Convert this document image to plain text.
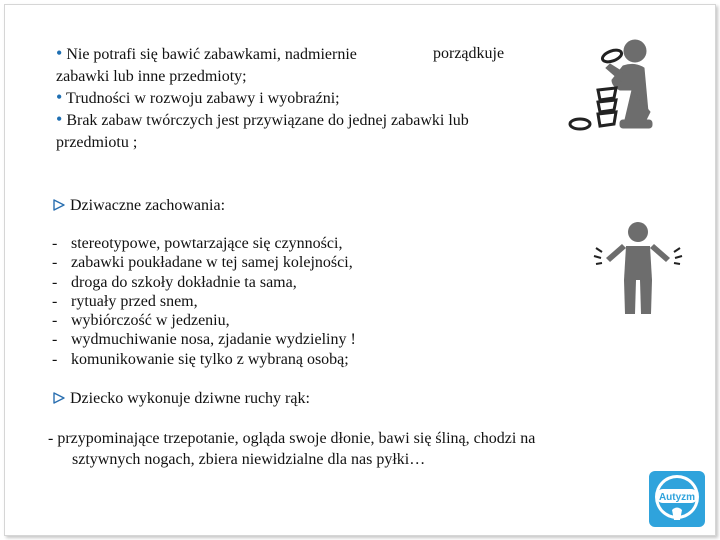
• Nie potrafi się bawić zabawkami, nadmiernie	porządkuje
zabawki lub inne przedmioty;
• Trudności w rozwoju zabawy i wyobraźni;
• Brak zabaw twórczych jest przywiązane do jednej zabawki lub
przedmiotu ;
Dziwaczne zachowania:
- stereotypowe, powtarzające się czynności,
- zabawki poukładane w tej samej kolejności,
- droga do szkoły dokładnie ta sama,
- rytuały przed snem,
- wybiórczość w jedzeniu,
- wydmuchiwanie nosa, zjadanie wydzieliny !
- komunikowanie się tylko z wybraną osobą;
Dziecko wykonuje dziwne ruchy rąk:
- przypominające trzepotanie, ogląda swoje dłonie, bawi się śliną, chodzi na
sztywnych nogach, zbiera niewidzialne dla nas pyłki…
Autyzm
